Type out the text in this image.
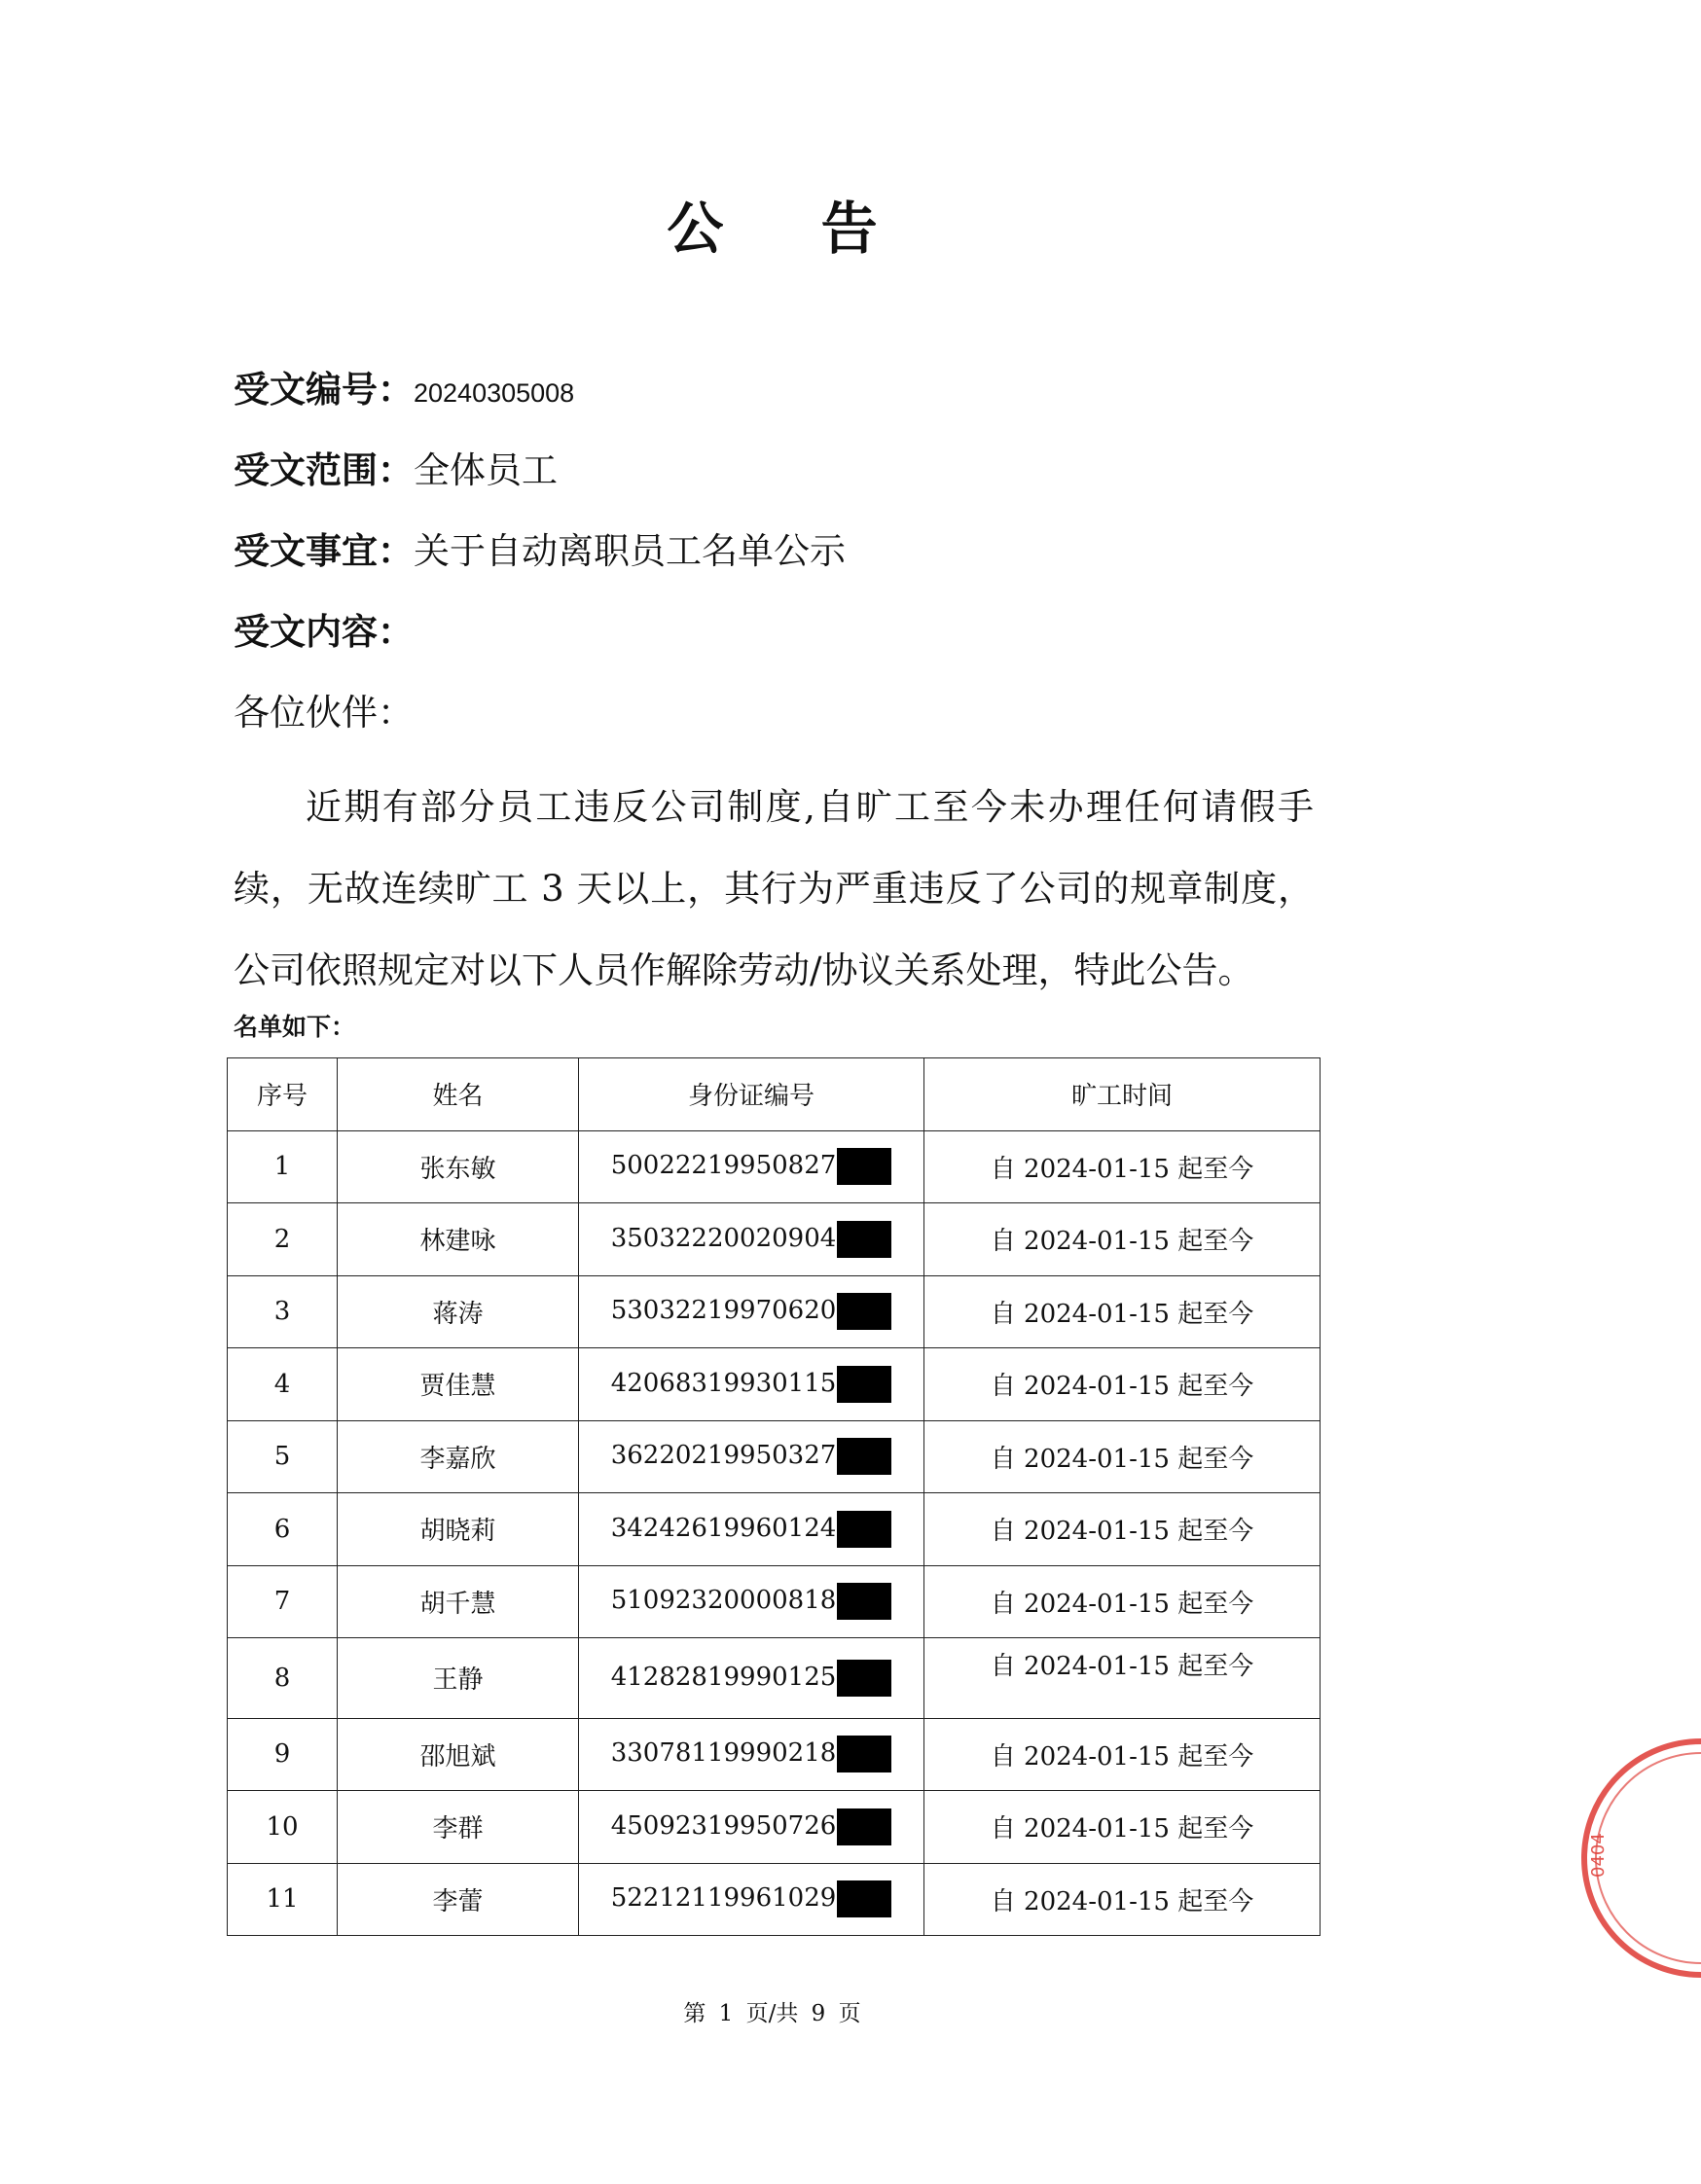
公 告
受文编号：20240305008
受文范围：全体员工
受文事宜：关于自动离职员工名单公示
受文内容：
各位伙伴：
近期有部分员工违反公司制度,自旷工至今未办理任何请假手续，无故连续旷工 3 天以上，其行为严重违反了公司的规章制度，公司依照规定对以下人员作解除劳动/协议关系处理，特此公告。
名单如下：
序号	姓名	身份证编号	旷工时间
1	张东敏	50022219950827	自 2024-01-15 起至今
2	林建咏	35032220020904	自 2024-01-15 起至今
3	蒋涛	53032219970620	自 2024-01-15 起至今
4	贾佳慧	42068319930115	自 2024-01-15 起至今
5	李嘉欣	36220219950327	自 2024-01-15 起至今
6	胡晓莉	34242619960124	自 2024-01-15 起至今
7	胡千慧	51092320000818	自 2024-01-15 起至今
8	王静	41282819990125	自 2024-01-15 起至今
9	邵旭斌	33078119990218	自 2024-01-15 起至今
10	李群	45092319950726	自 2024-01-15 起至今
11	李蕾	52212119961029	自 2024-01-15 起至今
第 1 页/共 9 页
0404
